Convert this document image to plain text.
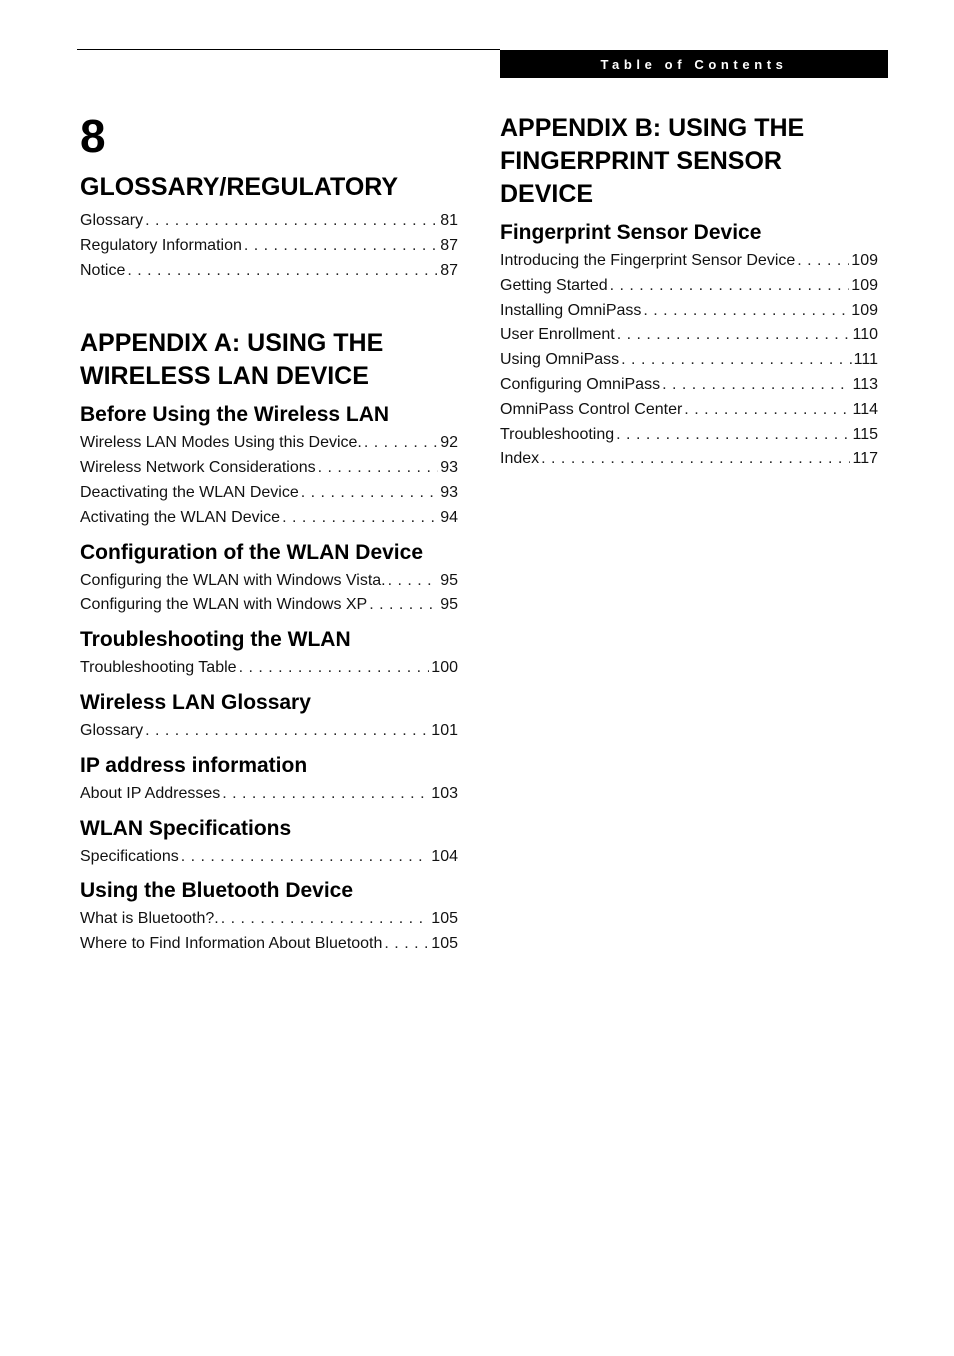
Table of Contents
8
GLOSSARY/REGULATORY
Glossary . . .	81
Regulatory Information . . .	87
Notice . . .	87
APPENDIX A: USING THE WIRELESS LAN DEVICE
Before Using the Wireless LAN
Wireless LAN Modes Using this Device. . . .	92
Wireless Network Considerations . . .	93
Deactivating the WLAN Device . . .	93
Activating the WLAN Device . . .	94
Configuration of the WLAN Device
Configuring the WLAN with Windows Vista. . . .	95
Configuring the WLAN with Windows XP . . .	95
Troubleshooting the WLAN
Troubleshooting Table . . .	100
Wireless LAN Glossary
Glossary . . .	101
IP address information
About IP Addresses . . .	103
WLAN Specifications
Specifications . . .	104
Using the Bluetooth Device
What is Bluetooth?. . . .	105
Where to Find Information About Bluetooth . . .	105
APPENDIX B: USING THE FINGERPRINT SENSOR DEVICE
Fingerprint Sensor Device
Introducing the Fingerprint Sensor Device . . .	109
Getting Started . . .	109
Installing OmniPass . . .	109
User Enrollment . . .	110
Using OmniPass . . .	111
Configuring OmniPass . . .	113
OmniPass Control Center . . .	114
Troubleshooting . . .	115
Index . . .	117
